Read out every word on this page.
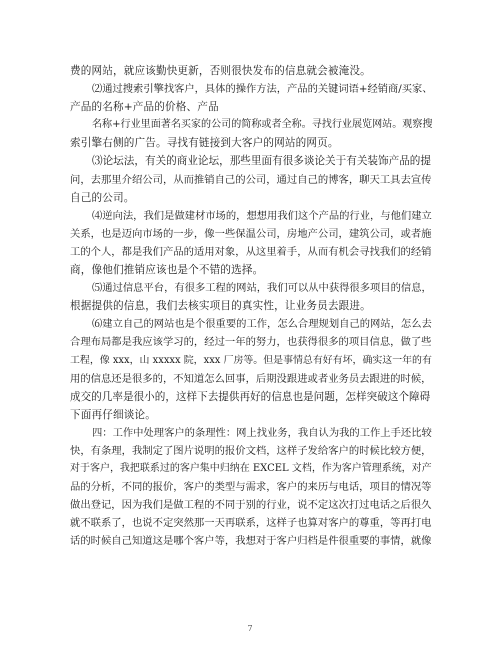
费的网站，就应该勤快更新，否则很快发布的信息就会被淹没。
⑵通过搜索引擎找客户，具体的操作方法，产品的关键词语+经销商/买家、
产品的名称+产品的价格、产品
名称+行业里面著名买家的公司的简称或者全称。寻找行业展览网站。观察搜
索引擎右侧的广告。寻找有链接到大客户的网站的网页。
⑶论坛法，有关的商业论坛，那些里面有很多谈论关于有关装饰产品的提
问，去那里介绍公司，从而推销自己的公司，通过自己的博客，聊天工具去宣传
自己的公司。
⑷逆向法，我们是做建材市场的，想想用我们这个产品的行业，与他们建立
关系，也是迈向市场的一步，像一些保温公司，房地产公司，建筑公司，或者施
工的个人，都是我们产品的适用对象，从这里着手，从而有机会寻找我们的经销
商，像他们推销应该也是个不错的选择。
⑸通过信息平台，有很多工程的网站，我们可以从中获得很多项目的信息，
根据提供的信息，我们去核实项目的真实性，让业务员去跟进。
⑹建立自己的网站也是个很重要的工作，怎么合理规划自己的网站，怎么去
合理布局都是我应该学习的，经过一年的努力，也获得很多的项目信息，做了些
工程，像 xxx，山 xxxxx 院，xxx 厂房等。但是事情总有好有坏，确实这一年的有
用的信息还是很多的，不知道怎么回事，后期没跟进或者业务员去跟进的时候，
成交的几率是很小的，这样下去提供再好的信息也是问题，怎样突破这个障碍
下面再仔细谈论。
四：工作中处理客户的条理性：网上找业务，我自认为我的工作上手还比较
快，有条理，我制定了图片说明的报价文档，这样子发给客户的时候比较方便，
对于客户，我把联系过的客户集中归纳在 EXCEL 文档，作为客户管理系统，对产
品的分析，不同的报价，客户的类型与需求，客户的来历与电话，项目的情况等
做出登记，因为我们是做工程的不同于别的行业，说不定这次打过电话之后很久
就不联系了，也说不定突然那一天再联系，这样子也算对客户的尊重，等再打电
话的时候自己知道这是哪个客户等，我想对于客户归档是件很重要的事情，就像
7
